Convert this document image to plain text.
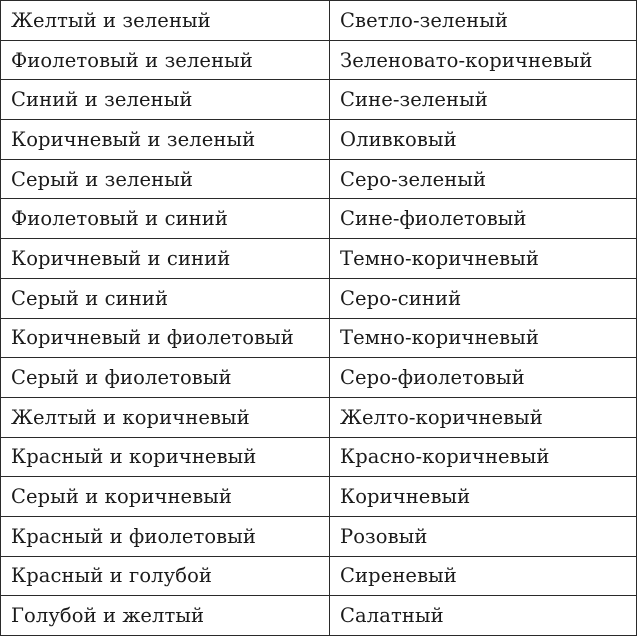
Желтый и зеленый	Светло-зеленый
Фиолетовый и зеленый	Зеленовато-коричневый
Синий и зеленый	Сине-зеленый
Коричневый и зеленый	Оливковый
Серый и зеленый	Серо-зеленый
Фиолетовый и синий	Сине-фиолетовый
Коричневый и синий	Темно-коричневый
Серый и синий	Серо-синий
Коричневый и фиолетовый	Темно-коричневый
Серый и фиолетовый	Серо-фиолетовый
Желтый и коричневый	Желто-коричневый
Красный и коричневый	Красно-коричневый
Серый и коричневый	Коричневый
Красный и фиолетовый	Розовый
Красный и голубой	Сиреневый
Голубой и желтый	Салатный
